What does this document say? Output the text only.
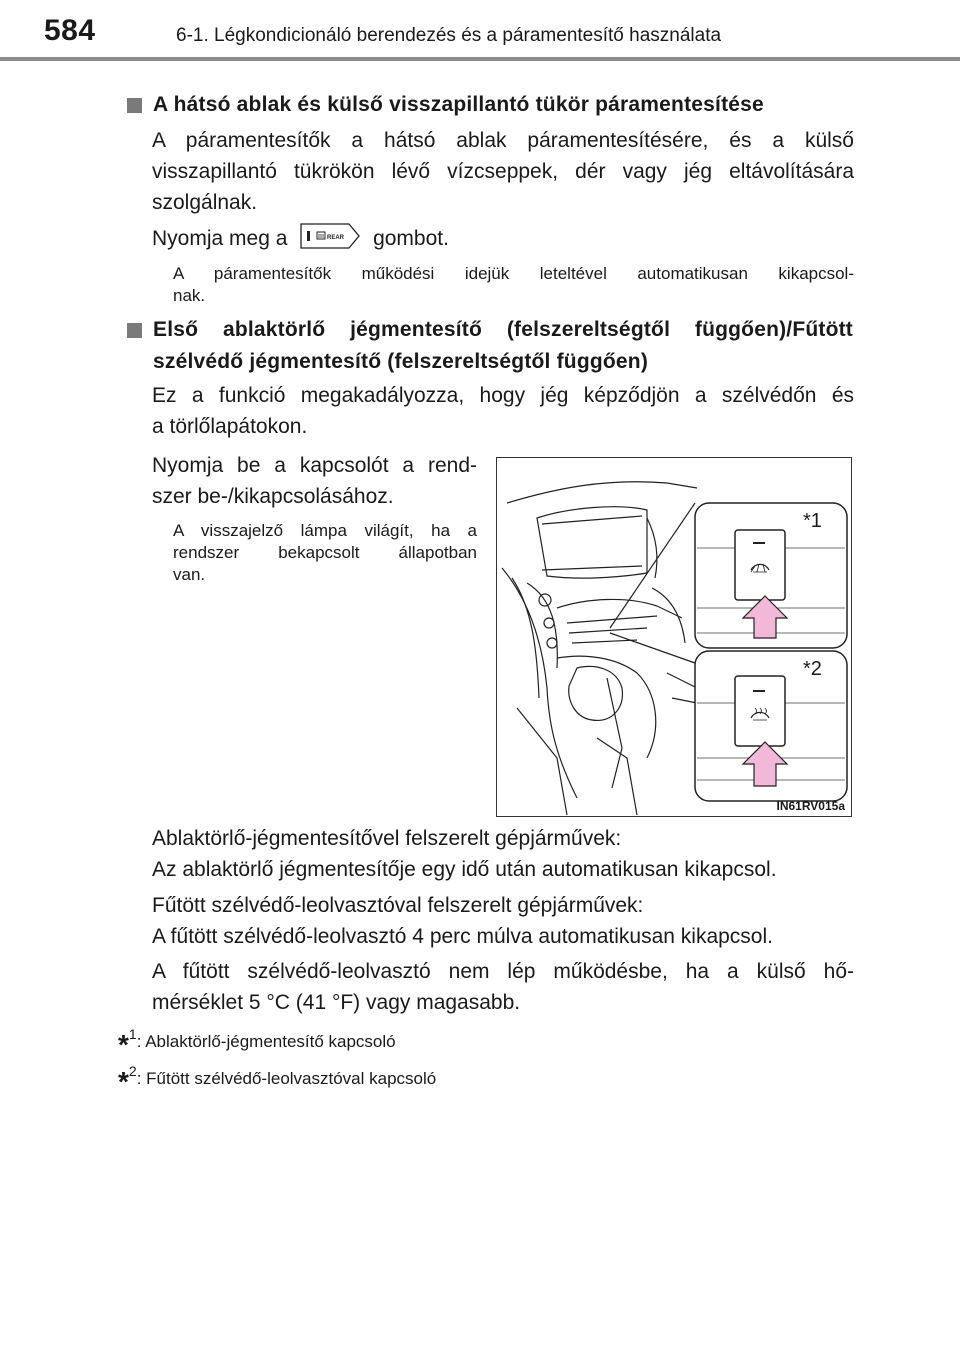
584	6-1. Légkondicionáló berendezés és a páramentesítő használata
A hátsó ablak és külső visszapillantó tükör páramentesítése
A páramentesítők a hátsó ablak páramentesítésére, és a külső
visszapillantó tükrökön lévő vízcseppek, dér vagy jég eltávolítására
szolgálnak.
Nyomja meg a	REAR gombot.
A páramentesítők működési idejük leteltével automatikusan kikapcsol-
nak.
Első ablaktörlő jégmentesítő (felszereltségtől függően)/Fűtött
szélvédő jégmentesítő (felszereltségtől függően)
Ez a funkció megakadályozza, hogy jég képződjön a szélvédőn és
a törlőlapátokon.
Nyomja be a kapcsolót a rend-
szer be-/kikapcsolásához.
A visszajelző lámpa világít, ha a
rendszer bekapcsolt állapotban
van.
*1
*2
IN61RV015a
Ablaktörlő-jégmentesítővel felszerelt gépjárművek:
Az ablaktörlő jégmentesítője egy idő után automatikusan kikapcsol.
Fűtött szélvédő-leolvasztóval felszerelt gépjárművek:
A fűtött szélvédő-leolvasztó 4 perc múlva automatikusan kikapcsol.
A fűtött szélvédő-leolvasztó nem lép működésbe, ha a külső hő-
mérséklet 5 °C (41 °F) vagy magasabb.
*$^1$: Ablaktörlő-jégmentesítő kapcsoló
*$^2$: Fűtött szélvédő-leolvasztóval kapcsoló
